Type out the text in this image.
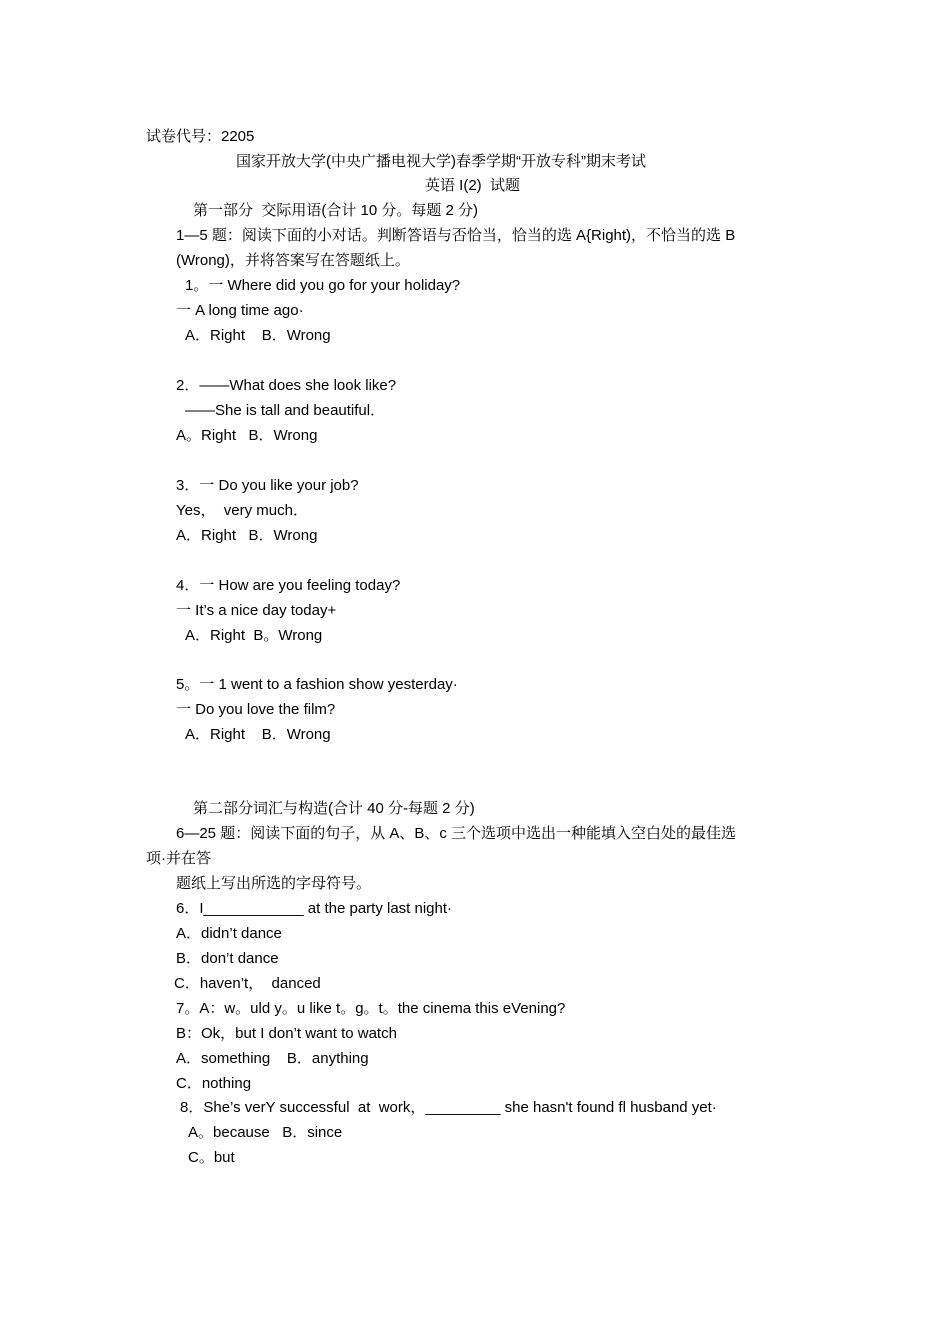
试卷代号：2205
国家开放大学(中央广播电视大学)春季学期“开放专科”期末考试
英语 I(2)  试题
第一部分  交际用语(合计 10 分。每题 2 分)
1—5 题：阅读下面的小对话。判断答语与否恰当，恰当的选 A{Right)，不恰当的选 B
(Wrong)，并将答案写在答题纸上。
1。一 Where did you go for your holiday?
一 A long time ago·
A．Right    B．Wrong
2．——What does she look like?
——She is tall and beautiful．
A。Right   B．Wrong
3．一 Do you like your job?
Yes，  very much．
A．Right   B．Wrong
4．一 How are you feeling today?
一 It’s a nice day today+
A．Right  B。Wrong
5。一 1 went to a fashion show yesterday·
一 Do you love the film?
A．Right    B．Wrong
第二部分词汇与构造(合计 40 分-每题 2 分)
6—25 题：阅读下面的句子，从 A、B、c 三个选项中选出一种能填入空白处的最佳选
项·并在答
题纸上写出所选的字母符号。
6．I____________ at the party last night·
A．didn’t dance
B．don’t dance
C．haven’t，  danced
7。A：w。uld y。u like t。g。t。the cinema this eVening?
B：Ok，but I don’t want to watch
A．something    B．anything
C．nothing
8．She’s verY successful  at  work，_________ she hasn't found fl husband yet·
A。because   B．since
C。but
